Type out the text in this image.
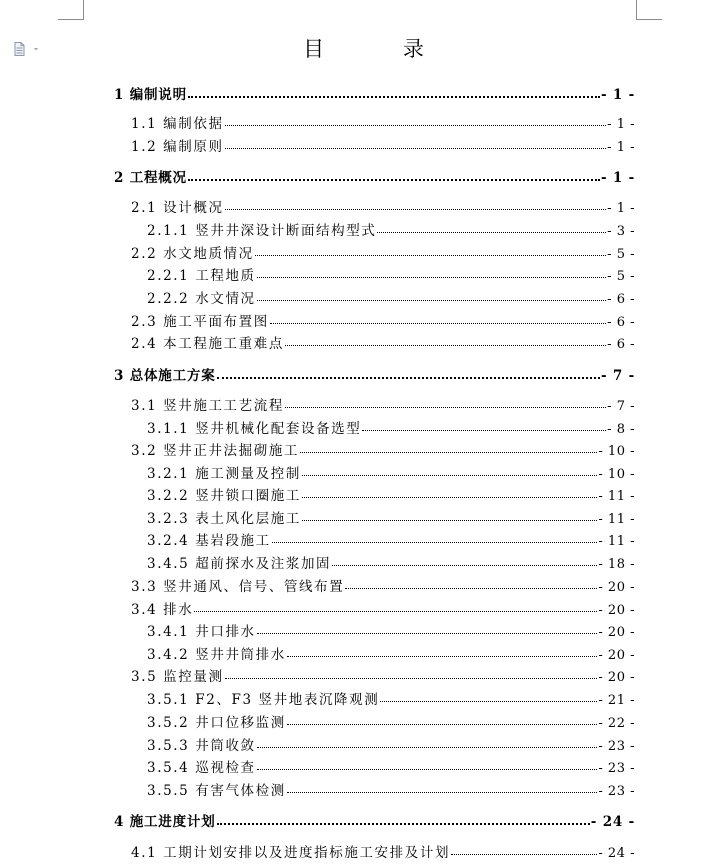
目 录
1 编制说明	- 1 -
1.1 编制依据	- 1 -
1.2 编制原则	- 1 -
2 工程概况	- 1 -
2.1 设计概况	- 1 -
2.1.1 竖井井深设计断面结构型式	- 3 -
2.2 水文地质情况	- 5 -
2.2.1 工程地质	- 5 -
2.2.2 水文情况	- 6 -
2.3 施工平面布置图	- 6 -
2.4 本工程施工重难点	- 6 -
3 总体施工方案	- 7 -
3.1 竖井施工工艺流程	- 7 -
3.1.1 竖井机械化配套设备选型	- 8 -
3.2 竖井正井法掘砌施工	- 10 -
3.2.1 施工测量及控制	- 10 -
3.2.2 竖井锁口圈施工	- 11 -
3.2.3 表土风化层施工	- 11 -
3.2.4 基岩段施工	- 11 -
3.4.5 超前探水及注浆加固	- 18 -
3.3 竖井通风、信号、管线布置	- 20 -
3.4 排水	- 20 -
3.4.1 井口排水	- 20 -
3.4.2 竖井井筒排水	- 20 -
3.5 监控量测	- 20 -
3.5.1 F2、F3 竖井地表沉降观测	- 21 -
3.5.2 井口位移监测	- 22 -
3.5.3 井筒收敛	- 23 -
3.5.4 巡视检查	- 23 -
3.5.5 有害气体检测	- 23 -
4 施工进度计划	- 24 -
4.1 工期计划安排以及进度指标施工安排及计划	- 24 -
